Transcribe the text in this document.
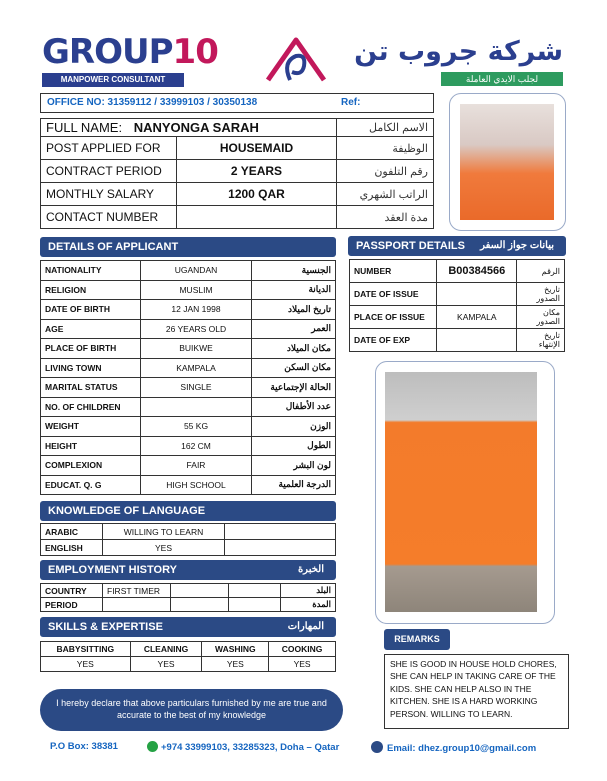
GROUP10
MANPOWER CONSULTANT
شركة جروب تن
لجلب الايدي العاملة
OFFICE NO: 31359112 / 33999103 / 30350138	Ref:
FULL NAME: NANYONGA SARAH		الاسم الكامل
POST APPLIED FOR	HOUSEMAID	الوظيفة
CONTRACT PERIOD	2 YEARS	رقم التلفون
MONTHLY SALARY	1200 QAR	الراتب الشهري
CONTACT NUMBER		مدة العقد
DETAILS OF APPLICANT
NATIONALITY	UGANDAN	الجنسية
RELIGION	MUSLIM	الديانة
DATE OF BIRTH	12 JAN 1998	تاريخ الميلاد
AGE	26 YEARS OLD	العمر
PLACE OF BIRTH	BUIKWE	مكان الميلاد
LIVING TOWN	KAMPALA	مكان السكن
MARITAL STATUS	SINGLE	الحالة الإجتماعية
NO. OF CHILDREN		عدد الأطفال
WEIGHT	55 KG	الوزن
HEIGHT	162 CM	الطول
COMPLEXION	FAIR	لون البشر
EDUCAT. Q. G	HIGH SCHOOL	الدرجة العلمية
PASSPORT DETAILS بيانات جواز السفر
NUMBER	B00384566	الرقم
DATE OF ISSUE		تاريخ الصدور
PLACE OF ISSUE	KAMPALA	مكان الصدور
DATE OF EXP		تاريخ الإنتهاء
KNOWLEDGE OF LANGUAGE
ARABIC	WILLING TO LEARN	
ENGLISH	YES	
EMPLOYMENT HISTORY	الخبرة
COUNTRY	FIRST TIMER			البلد
PERIOD				المدة
SKILLS & EXPERTISE	المهارات
BABYSITTING	CLEANING	WASHING	COOKING
YES	YES	YES	YES
REMARKS
SHE IS GOOD IN HOUSE HOLD CHORES, SHE CAN HELP IN TAKING CARE OF THE KIDS. SHE CAN HELP ALSO IN THE KITCHEN. SHE IS A HARD WORKING PERSON. WILLING TO LEARN.
I hereby declare that above particulars furnished by me are true and accurate to the best of my knowledge
P.O Box: 38381	+974 33999103, 33285323, Doha – Qatar	Email: dhez.group10@gmail.com
